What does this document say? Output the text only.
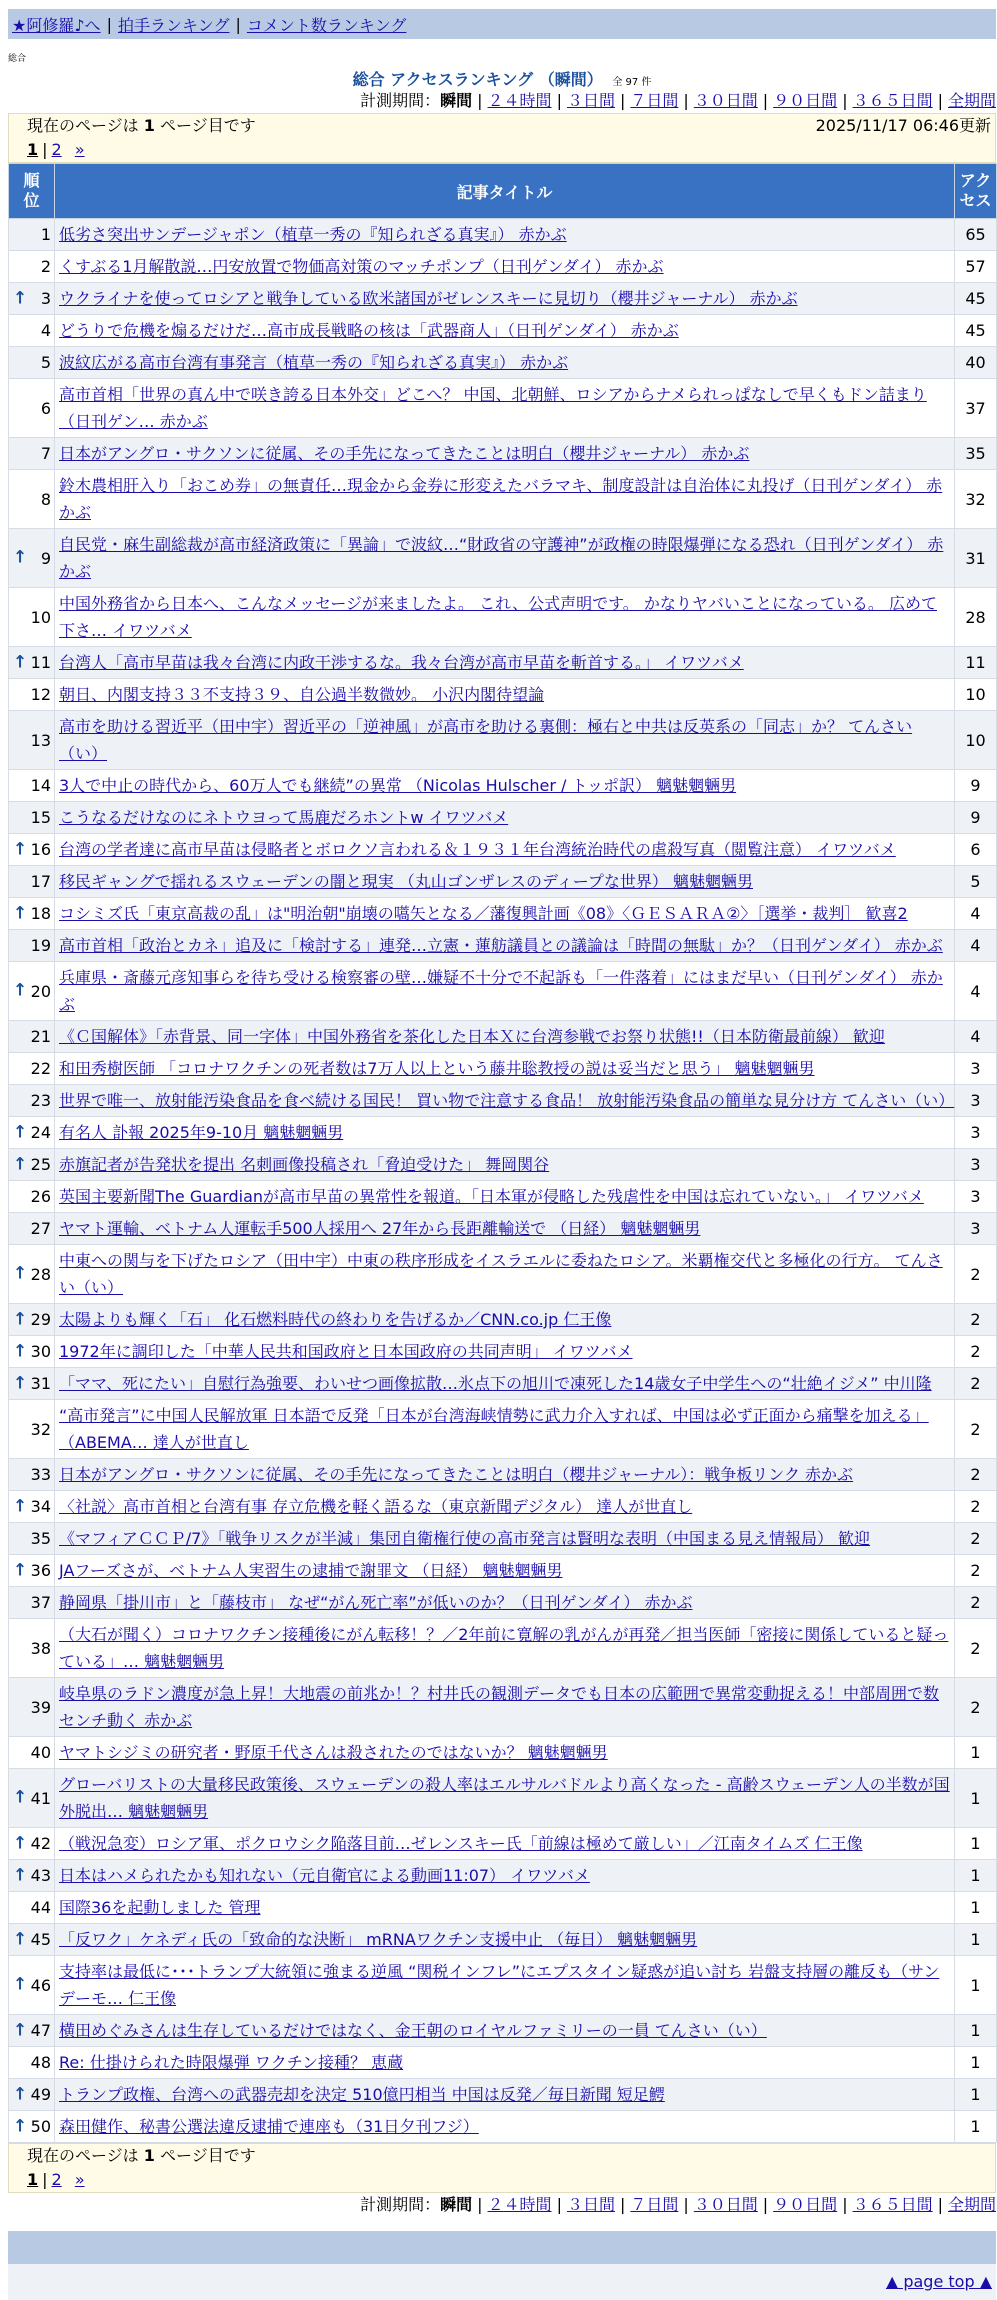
★阿修羅♪へ | 拍手ランキング | コメント数ランキング
総合
総合 アクセスランキング （瞬間） 全 97 件
計測期間：瞬間 | ２４時間 | ３日間 | ７日間 | ３０日間 | ９０日間 | ３６５日間 | 全期間
現在のページは 1 ページ目です	2025/11/17 06:46更新
1 | 2 »
順位	記事タイトル	アクセス
1	低劣さ突出サンデージャポン（植草一秀の『知られざる真実』） 赤かぶ	65
2	くすぶる1月解散説…円安放置で物価高対策のマッチポンプ（日刊ゲンダイ） 赤かぶ	57

↑ 3	ウクライナを使ってロシアと戦争している欧米諸国がゼレンスキーに見切り（櫻井ジャーナル） 赤かぶ	45
4	どうりで危機を煽るだけだ…高市成長戦略の核は「武器商人」（日刊ゲンダイ） 赤かぶ	45
5	波紋広がる高市台湾有事発言（植草一秀の『知られざる真実』） 赤かぶ	40
6	高市首相「世界の真ん中で咲き誇る日本外交」どこへ？ 中国、北朝鮮、ロシアからナメられっぱなしで早くもドン詰まり（日刊ゲン… 赤かぶ	37
7	日本がアングロ・サクソンに従属、その手先になってきたことは明白（櫻井ジャーナル） 赤かぶ	35
8	鈴木農相肝入り「おこめ券」の無責任…現金から金券に形変えたバラマキ、制度設計は自治体に丸投げ（日刊ゲンダイ） 赤かぶ	32

↑ 9	自民党・麻生副総裁が高市経済政策に「異論」で波紋…“財政省の守護神”が政権の時限爆弾になる恐れ（日刊ゲンダイ） 赤かぶ	31
10	中国外務省から日本へ、こんなメッセージが来ましたよ。 これ、公式声明です。 かなりヤバいことになっている。 広めて下さ… イワツバメ	28

↑ 11	台湾人「高市早苗は我々台湾に内政干渉するな。我々台湾が高市早苗を斬首する。」 イワツバメ	11
12	朝日、内閣支持３３不支持３９、自公過半数微妙。 小沢内閣待望論	10
13	高市を助ける習近平（田中宇）習近平の「逆神風」が高市を助ける裏側：極右と中共は反英系の「同志」か？ てんさい（い）	10
14	3人で中止の時代から、60万人でも継続”の異常 （Nicolas Hulscher / トッポ訳） 魑魅魍魎男	9
15	こうなるだけなのにネトウヨって馬鹿だろホントw イワツバメ	9

↑ 16	台湾の学者達に高市早苗は侵略者とボロクソ言われる＆１９３１年台湾統治時代の虐殺写真（閲覧注意） イワツバメ	6
17	移民ギャングで揺れるスウェーデンの闇と現実 （丸山ゴンザレスのディープな世界） 魑魅魍魎男	5

↑ 18	コシミズ氏「東京高裁の乱」は"明治朝"崩壊の嚆矢となる／藩復興計画《08》〈ＧＥＳＡＲＡ②〉［選挙・裁判］ 歓喜2	4
19	高市首相「政治とカネ」追及に「検討する」連発…立憲・蓮舫議員との議論は「時間の無駄」か？（日刊ゲンダイ） 赤かぶ	4

↑ 20	兵庫県・斎藤元彦知事らを待ち受ける検察審の壁…嫌疑不十分で不起訴も「一件落着」にはまだ早い（日刊ゲンダイ） 赤かぶ	4
21	《Ｃ国解体》「赤背景、同一字体」中国外務省を茶化した日本Ｘに台湾参戦でお祭り状態!!（日本防衛最前線） 歓迎	4
22	和田秀樹医師 「コロナワクチンの死者数は7万人以上という藤井聡教授の説は妥当だと思う」 魑魅魍魎男	3
23	世界で唯一、放射能汚染食品を食べ続ける国民！ 買い物で注意する食品！ 放射能汚染食品の簡単な見分け方 てんさい（い）	3

↑ 24	有名人 訃報 2025年9-10月 魑魅魍魎男	3

↑ 25	赤旗記者が告発状を提出 名刺画像投稿され「脅迫受けた」 舞岡関谷	3
26	英国主要新聞The Guardianが高市早苗の異常性を報道。「日本軍が侵略した残虐性を中国は忘れていない。」 イワツバメ	3
27	ヤマト運輸、ベトナム人運転手500人採用へ 27年から長距離輸送で （日経） 魑魅魍魎男	3

↑ 28	中東への関与を下げたロシア（田中宇）中東の秩序形成をイスラエルに委ねたロシア。米覇権交代と多極化の行方。 てんさい（い）	2

↑ 29	太陽よりも輝く「石」 化石燃料時代の終わりを告げるか／CNN.co.jp 仁王像	2

↑ 30	1972年に調印した「中華人民共和国政府と日本国政府の共同声明」 イワツバメ	2

↑ 31	「ママ、死にたい」自慰行為強要、わいせつ画像拡散…氷点下の旭川で凍死した14歳女子中学生への“壮絶イジメ” 中川隆	2
32	“高市発言”に中国人民解放軍 日本語で反発「日本が台湾海峡情勢に武力介入すれば、中国は必ず正面から痛撃を加える」（ABEMA… 達人が世直し	2
33	日本がアングロ・サクソンに従属、その手先になってきたことは明白（櫻井ジャーナル）：戦争板リンク 赤かぶ	2

↑ 34	〈社説〉高市首相と台湾有事 存立危機を軽く語るな（東京新聞デジタル） 達人が世直し	2
35	《マフィアＣＣＰ/7》「戦争リスクが半減」集団自衛権行使の高市発言は賢明な表明（中国まる見え情報局） 歓迎	2

↑ 36	JAフーズさが、ベトナム人実習生の逮捕で謝罪文 （日経） 魑魅魍魎男	2
37	静岡県「掛川市」と「藤枝市」 なぜ“がん死亡率”が低いのか？（日刊ゲンダイ） 赤かぶ	2
38	（大石が聞く）コロナワクチン接種後にがん転移！？／2年前に寛解の乳がんが再発／担当医師「密接に関係していると疑っている」… 魑魅魍魎男	2
39	岐阜県のラドン濃度が急上昇！大地震の前兆か！？村井氏の観測データでも日本の広範囲で異常変動捉える！中部周囲で数センチ動く 赤かぶ	2
40	ヤマトシジミの研究者・野原千代さんは殺されたのではないか？ 魑魅魍魎男	1

↑ 41	グローバリストの大量移民政策後、スウェーデンの殺人率はエルサルバドルより高くなった - 高齢スウェーデン人の半数が国外脱出… 魑魅魍魎男	1

↑ 42	（戦況急変）ロシア軍、ポクロウシク陥落目前…ゼレンスキー氏「前線は極めて厳しい」／江南タイムズ 仁王像	1

↑ 43	日本はハメられたかも知れない（元自衛官による動画11:07） イワツバメ	1
44	国際36を起動しました 管理	1

↑ 45	「反ワク」ケネディ氏の「致命的な決断」 mRNAワクチン支援中止 （毎日） 魑魅魍魎男	1

↑ 46	支持率は最低に･･･トランプ大統領に強まる逆風 “関税インフレ”にエプスタイン疑惑が追い討ち 岩盤支持層の離反も（サンデーモ… 仁王像	1

↑ 47	横田めぐみさんは生存しているだけではなく、金王朝のロイヤルファミリーの一員 てんさい（い）	1
48	Re: 仕掛けられた時限爆弾 ワクチン接種？ 恵蔵	1

↑ 49	トランプ政権、台湾への武器売却を決定 510億円相当 中国は反発／毎日新聞 短足鰐	1

↑ 50	森田健作、秘書公選法違反逮捕で連座も（31日夕刊フジ）	1
現在のページは 1 ページ目です
1 | 2 »
計測期間：瞬間 | ２４時間 | ３日間 | ７日間 | ３０日間 | ９０日間 | ３６５日間 | 全期間
▲ page top ▲
